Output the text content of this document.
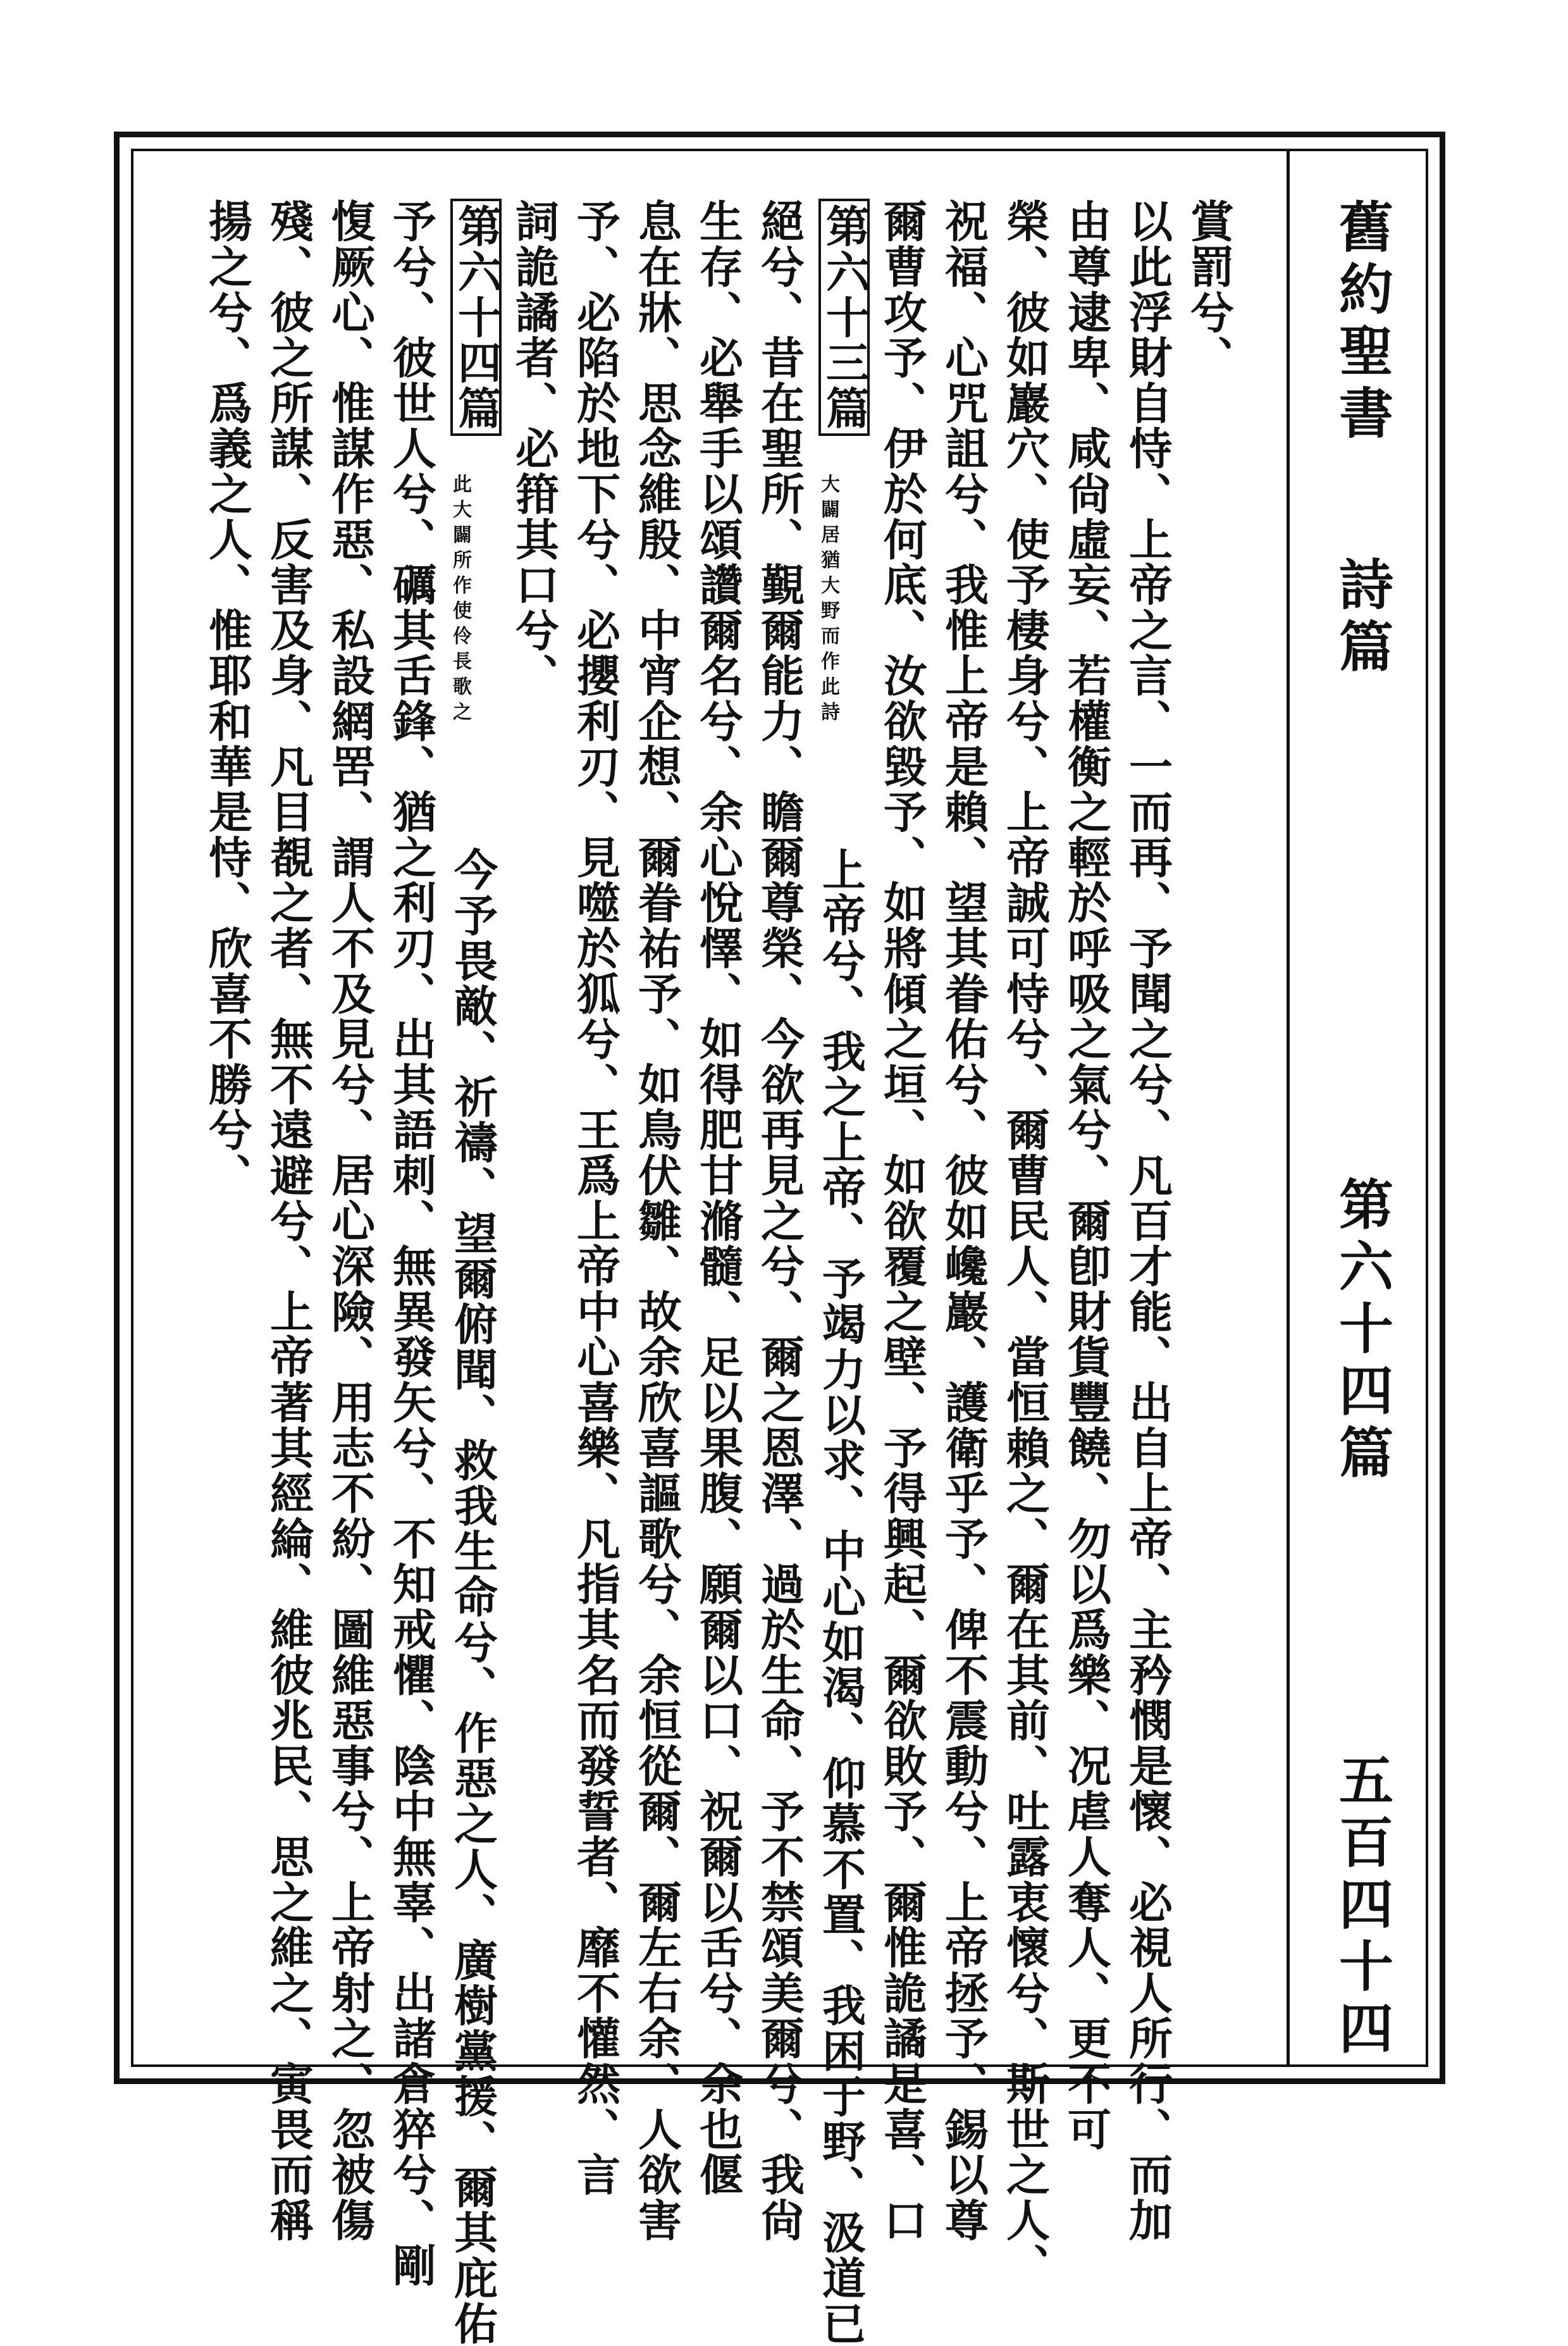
舊約聖書
詩篇
第六十四篇
五百四十四
賞罰兮、
以此浮財自恃、上帝之言、一而再、予聞之兮、凡百才能、出自上帝、主矜憫是懷、必視人所行、而加
由尊逮卑、咸尙虛妄、若權衡之輕於呼吸之氣兮、爾卽財貨豐饒、勿以爲樂、况虐人奪人、更不可
榮、彼如巖穴、使予棲身兮、上帝誠可恃兮、爾曹民人、當恒賴之、爾在其前、吐露衷懷兮、斯世之人、
祝福、心咒詛兮、我惟上帝是賴、望其眷佑兮、彼如巉巖、護衛乎予、俾不震動兮、上帝拯予、錫以尊
爾曹攻予、伊於何底、汝欲毀予、如將傾之垣、如欲覆之壁、予得興起、爾欲敗予、爾惟詭譎是喜、口
第六十三篇
大闢居猶大野而作此詩
上帝兮、我之上帝、予竭力以求、中心如渴、仰慕不置、我困于野、汲道已
絕兮、昔在聖所、覲爾能力、瞻爾尊榮、今欲再見之兮、爾之恩澤、過於生命、予不禁頌美爾兮、我尙
生存、必舉手以頌讚爾名兮、余心悅懌、如得肥甘滫髓、足以果腹、願爾以口、祝爾以舌兮、余也偃
息在牀、思念維殷、中宵企想、爾眷祐予、如鳥伏雛、故余欣喜謳歌兮、余恒從爾、爾左右余、人欲害
予、必陷於地下兮、必攖利刃、見噬於狐兮、王爲上帝中心喜樂、凡指其名而發誓者、靡不懽然、言
詞詭譎者、必箝其口兮、
第六十四篇
此大闢所作使伶長歌之
今予畏敵、祈禱、望爾俯聞、救我生命兮、作惡之人、廣樹黨援、爾其庇佑
予兮、彼世人兮、礪其舌鋒、猶之利刃、出其語刺、無異發矢兮、不知戒懼、陰中無辜、出諸倉猝兮、剛
愎厥心、惟謀作惡、私設網罟、謂人不及見兮、居心深險、用志不紛、圖維惡事兮、上帝射之、忽被傷
殘、彼之所謀、反害及身、凡目覩之者、無不遠避兮、上帝著其經綸、維彼兆民、思之維之、寅畏而稱
揚之兮、爲義之人、惟耶和華是恃、欣喜不勝兮、
